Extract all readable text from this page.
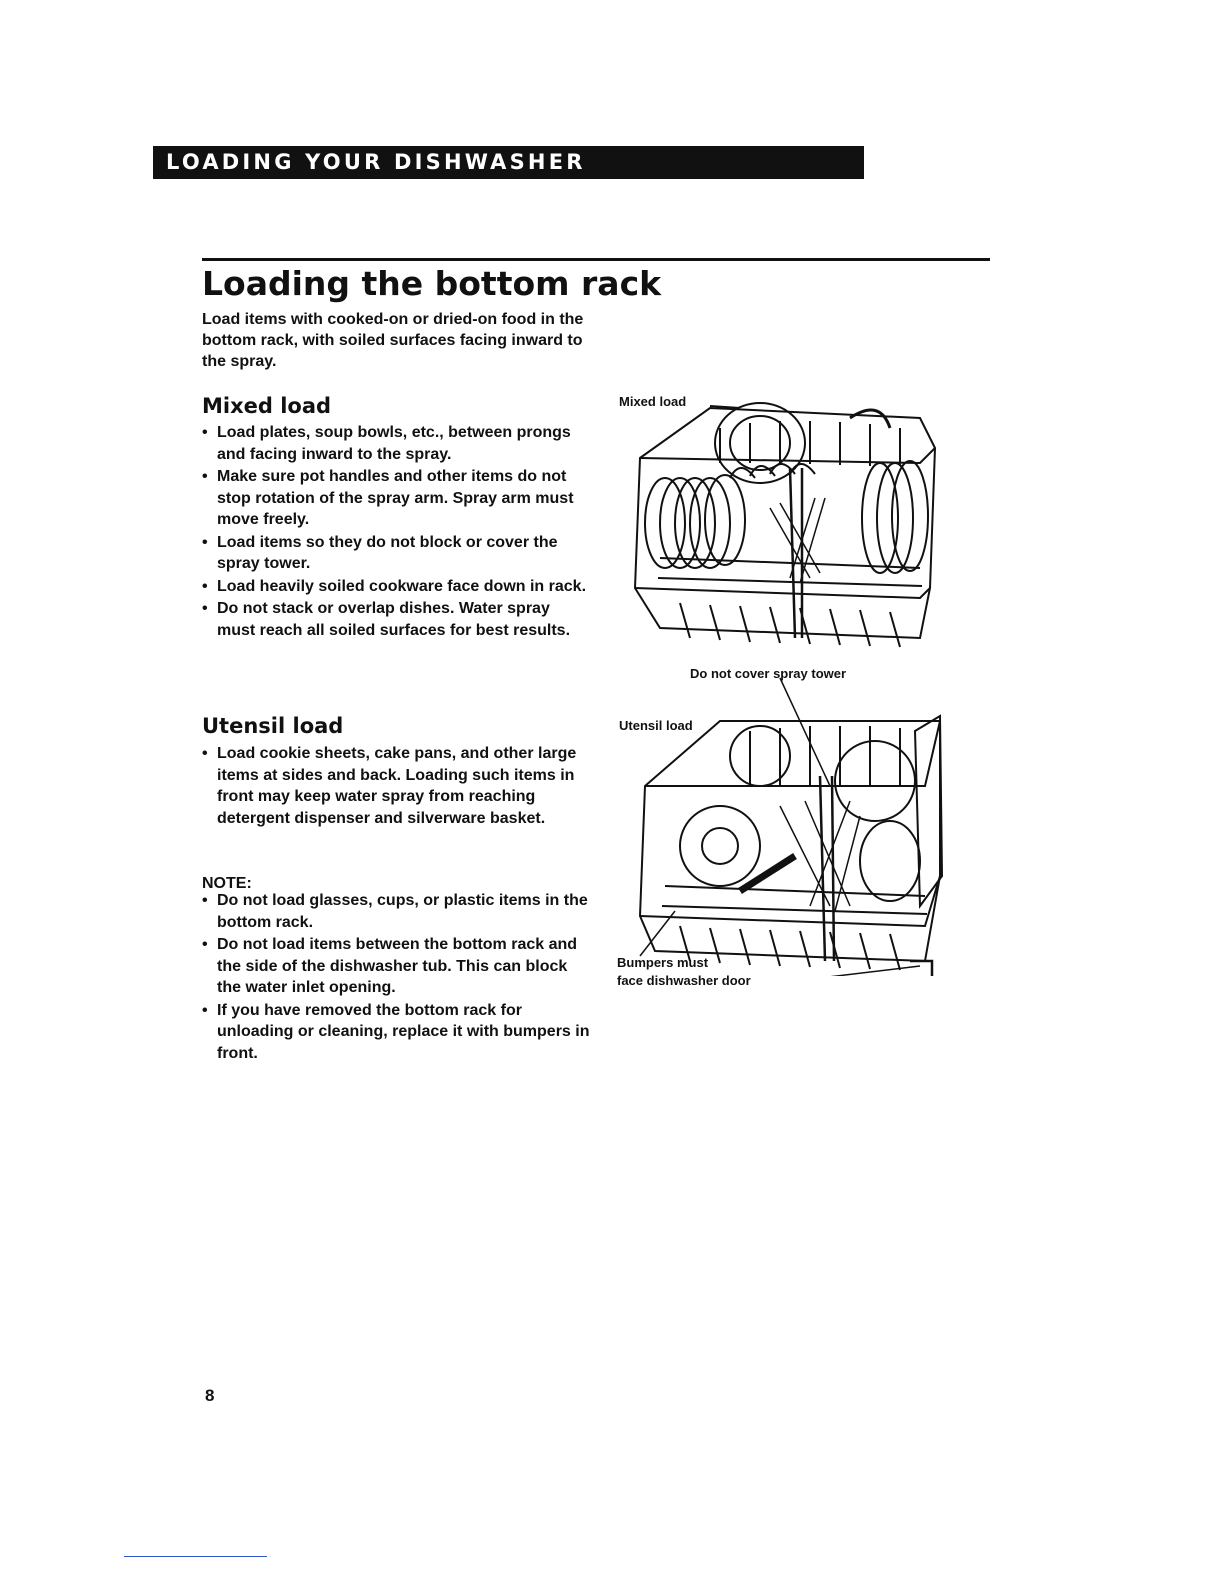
LOADING YOUR DISHWASHER
Loading the bottom rack

Load items with cooked-on or dried-on food in the bottom rack, with soiled surfaces facing inward to the spray.

Mixed load
• Load plates, soup bowls, etc., between prongs and facing inward to the spray.
• Make sure pot handles and other items do not stop rotation of the spray arm. Spray arm must move freely.
• Load items so they do not block or cover the spray tower.
• Load heavily soiled cookware face down in rack.
• Do not stack or overlap dishes. Water spray must reach all soiled surfaces for best results.
Utensil load
• Load cookie sheets, cake pans, and other large items at sides and back. Loading such items in front may keep water spray from reaching detergent dispenser and silverware basket.

NOTE:

• Do not load glasses, cups, or plastic items in the bottom rack.
• Do not load items between the bottom rack and the side of the dishwasher tub. This can block the water inlet opening.
• If you have removed the bottom rack for unloading or cleaning, replace it with bumpers in front.
Mixed load
Do not cover spray tower
Utensil load
Bumpers must
face dishwasher door
8
